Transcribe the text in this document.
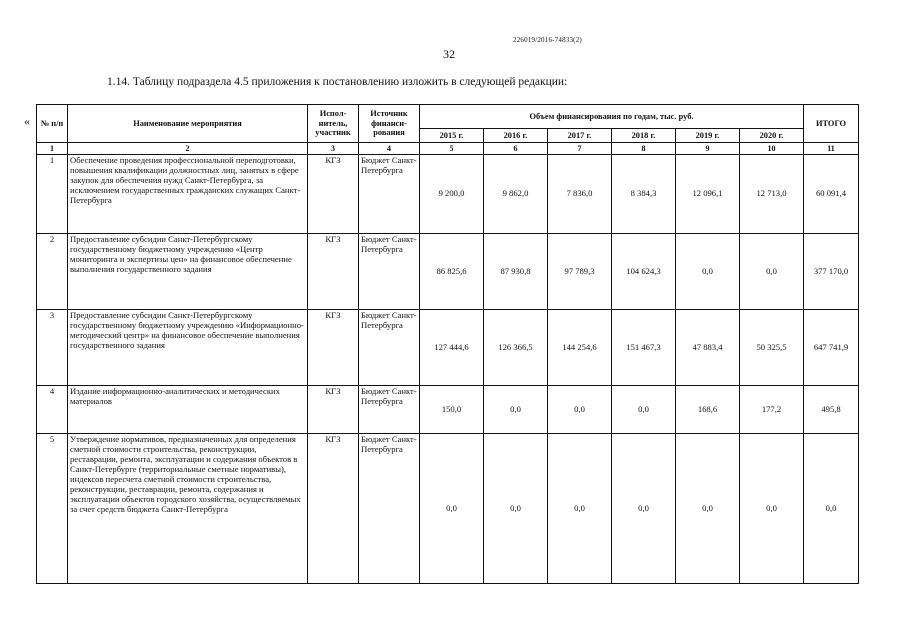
226019/2016-74833(2)
32
1.14. Таблицу подраздела 4.5 приложения к постановлению изложить в следующей редакции:
« № п/п	Наименование мероприятия	Испол-нитель, участник	Источник финанси-рования	Объем финансирования по годам, тыс. руб.						ИТОГО
				2015 г.	2016 г.	2017 г.	2018 г.	2019 г.	2020 г.	
1	2	3	4	5	6	7	8	9	10	11
1	Обеспечение проведения профессиональной переподготовки, повышения квалификации должностных лиц, занятых в сфере закупок для обеспечения нужд Санкт-Петербурга, за исключением государственных гражданских служащих Санкт-Петербурга	КГЗ	Бюджет Санкт-Петербурга	9 200,0	9 862,0	7 836,0	8 384,3	12 096,1	12 713,0	60 091,4
2	Предоставление субсидии Санкт-Петербургскому государственному бюджетному учреждению «Центр мониторинга и экспертизы цен» на финансовое обеспечение выполнения государственного задания	КГЗ	Бюджет Санкт-Петербурга	86 825,6	87 930,8	97 789,3	104 624,3	0,0	0,0	377 170,0
3	Предоставление субсидии Санкт-Петербургскому государственному бюджетному учреждению «Информационно-методический центр» на финансовое обеспечение выполнения государственного задания	КГЗ	Бюджет Санкт-Петербурга	127 444,6	126 366,5	144 254,6	151 467,3	47 883,4	50 325,5	647 741,9
4	Издание информационно-аналитических и методических материалов	КГЗ	Бюджет Санкт-Петербурга	150,0	0,0	0,0	0,0	168,6	177,2	495,8
5	Утверждение нормативов, предназначенных для определения сметной стоимости строительства, реконструкции, реставрации, ремонта, эксплуатации и содержания объектов в Санкт-Петербурге (территориальные сметные нормативы), индексов пересчета сметной стоимости строительства, реконструкции, реставрации, ремонта, содержания и эксплуатации объектов городского хозяйства, осуществляемых за счет средств бюджета Санкт-Петербурга	КГЗ	Бюджет Санкт-Петербурга	0,0	0,0	0,0	0,0	0,0	0,0	0,0
